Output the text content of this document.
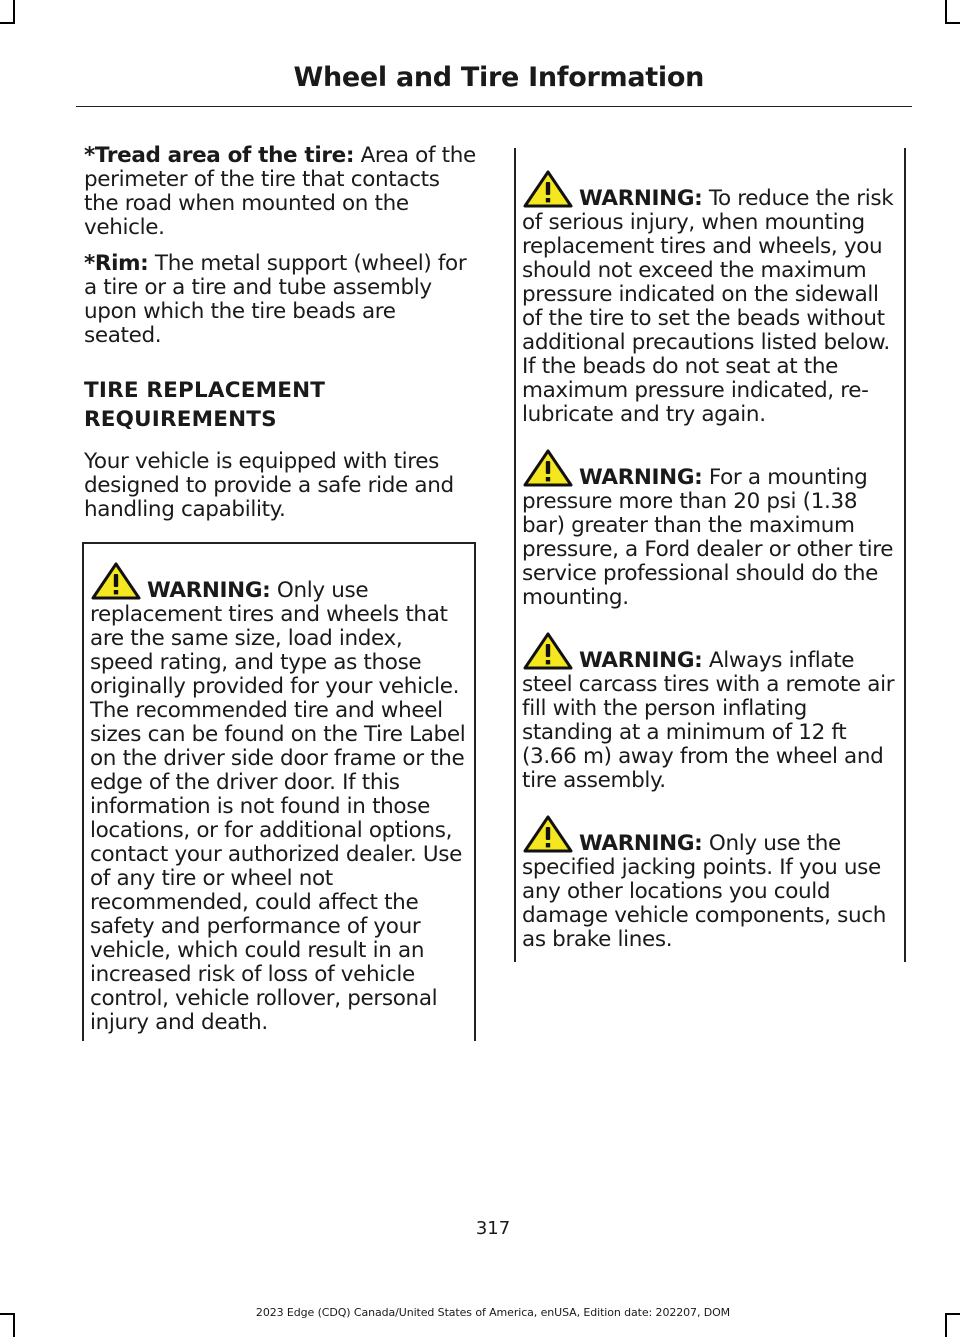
Wheel and Tire Information

*Tread area of the tire: Area of the perimeter of the tire that contacts the road when mounted on the vehicle.

*Rim: The metal support (wheel) for a tire or a tire and tube assembly upon which the tire beads are seated.

TIRE REPLACEMENT
REQUIREMENTS

Your vehicle is equipped with tires designed to provide a safe ride and handling capability.

WARNING: Only use replacement tires and wheels that are the same size, load index, speed rating, and type as those originally provided for your vehicle. The recommended tire and wheel sizes can be found on the Tire Label on the driver side door frame or the edge of the driver door. If this information is not found in those locations, or for additional options, contact your authorized dealer. Use of any tire or wheel not recommended, could affect the safety and performance of your vehicle, which could result in an increased risk of loss of vehicle control, vehicle rollover, personal injury and death.

WARNING: To reduce the risk of serious injury, when mounting replacement tires and wheels, you should not exceed the maximum pressure indicated on the sidewall of the tire to set the beads without additional precautions listed below. If the beads do not seat at the maximum pressure indicated, re-lubricate and try again.

WARNING: For a mounting pressure more than 20 psi (1.38 bar) greater than the maximum pressure, a Ford dealer or other tire service professional should do the mounting.

WARNING: Always inflate steel carcass tires with a remote air fill with the person inflating standing at a minimum of 12 ft (3.66 m) away from the wheel and tire assembly.

WARNING: Only use the specified jacking points. If you use any other locations you could damage vehicle components, such as brake lines.

317
2023 Edge (CDQ) Canada/United States of America, enUSA, Edition date: 202207, DOM
